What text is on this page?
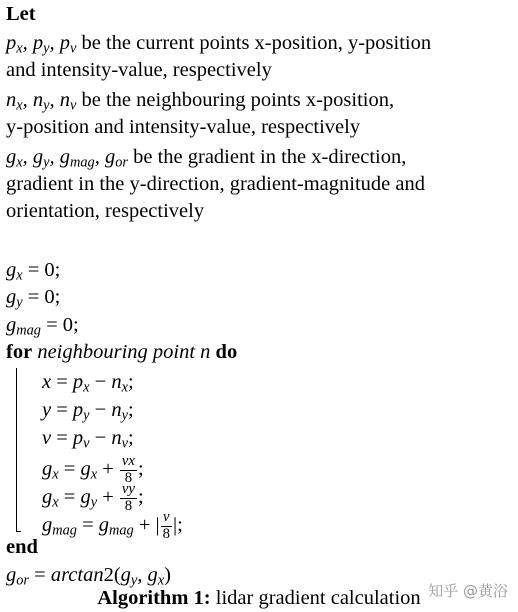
Let
$p_x$, $p_y$, $p_v$ be the current points x-position, y-position
and intensity-value, respectively
$n_x$, $n_y$, $n_v$ be the neighbouring points x-position,
y-position and intensity-value, respectively
$g_x$, $g_y$, $g_{mag}$, $g_{or}$ be the gradient in the x-direction,
gradient in the y-direction, gradient-magnitude and
orientation, respectively
$g_x = 0$;
$g_y = 0$;
$g_{mag} = 0$;
for neighbouring point n do
$x = p_x - n_x$;
$y = p_y - n_y$;
$v = p_v - n_v$;
$g_x = g_x + \frac{vx}{8}$ ;
$g_x = g_y + \frac{vy}{8}$ ;
$g_{mag} = g_{mag}$ + | $\frac{v}{8}$ |;
end
$g_{or} = \arctan 2(g_y$, $g_x$)
Algorithm 1: lidar gradient calculation 知乎 @黄浴
